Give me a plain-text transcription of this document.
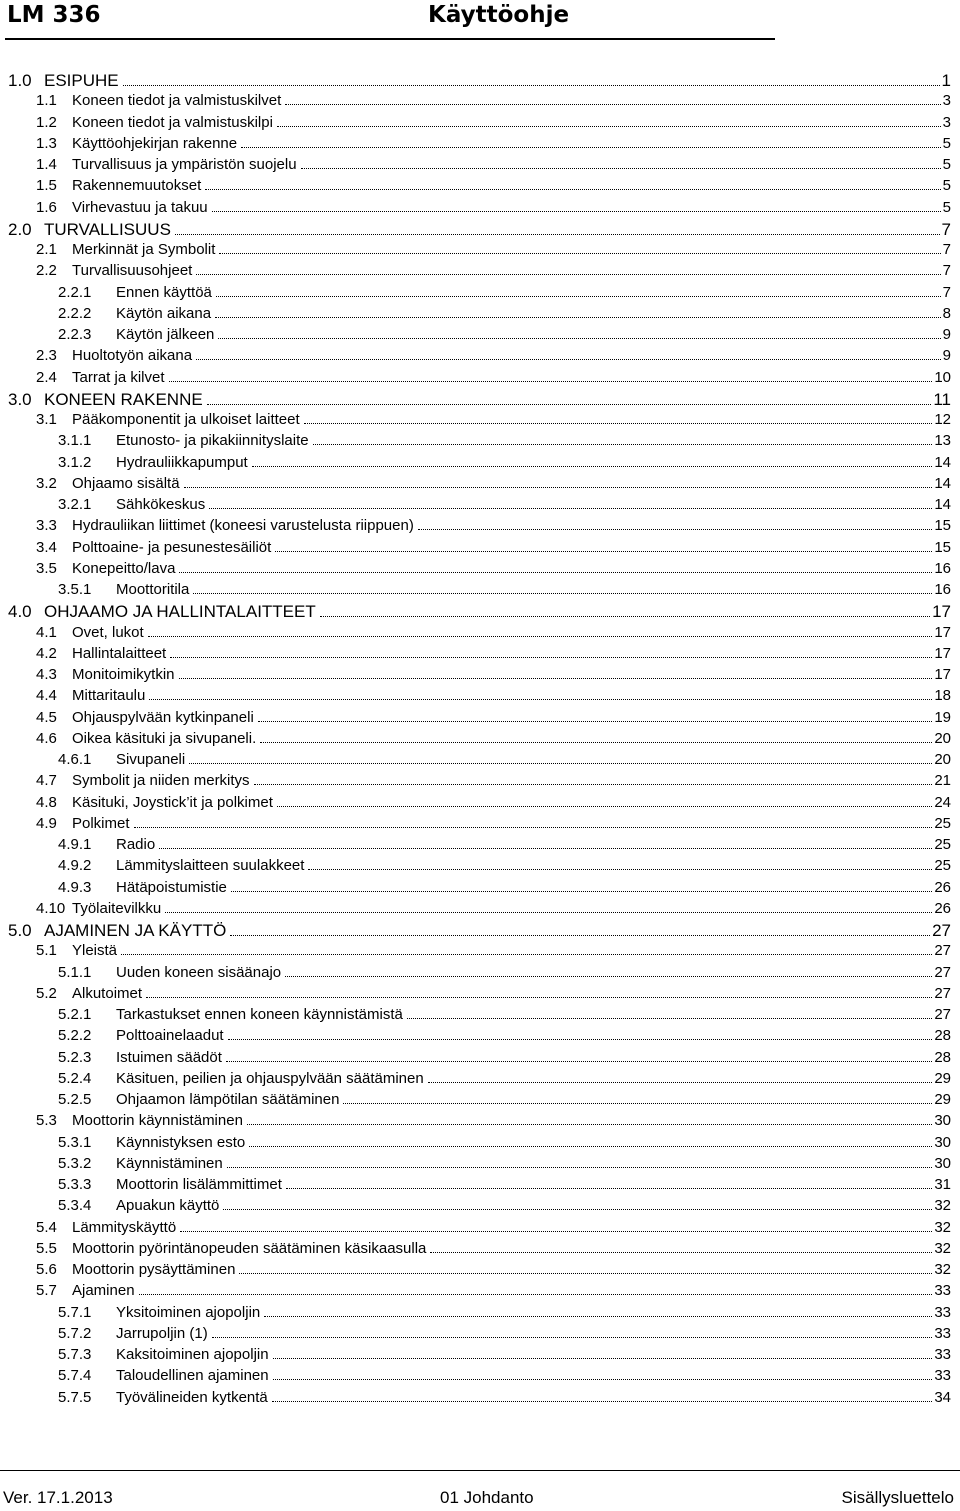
LM 336	Käyttöohje
1.0 ESIPUHE	1
1.1	Koneen tiedot ja valmistuskilvet	3
1.2	Koneen tiedot ja valmistuskilpi	3
1.3	Käyttöohjekirjan rakenne	5
1.4	Turvallisuus ja ympäristön suojelu	5
1.5	Rakennemuutokset	5
1.6	Virhevastuu ja takuu	5
2.0 TURVALLISUUS	7
2.1	Merkinnät ja Symbolit	7
2.2	Turvallisuusohjeet	7
2.2.1	Ennen käyttöä	7
2.2.2	Käytön aikana	8
2.2.3	Käytön jälkeen	9
2.3	Huoltotyön aikana	9
2.4	Tarrat ja kilvet	10
3.0 KONEEN RAKENNE	11
3.1	Pääkomponentit ja ulkoiset laitteet	12
3.1.1	Etunosto- ja pikakiinnityslaite	13
3.1.2	Hydrauliikkapumput	14
3.2	Ohjaamo sisältä	14
3.2.1	Sähkökeskus	14
3.3	Hydrauliikan liittimet (koneesi varustelusta riippuen)	15
3.4	Polttoaine- ja pesunestesäiliöt	15
3.5	Konepeitto/lava	16
3.5.1	Moottoritila	16
4.0 OHJAAMO JA HALLINTALAITTEET	17
4.1	Ovet, lukot	17
4.2	Hallintalaitteet	17
4.3	Monitoimikytkin	17
4.4	Mittaritaulu	18
4.5	Ohjauspylvään kytkinpaneli	19
4.6	Oikea käsituki ja sivupaneli.	20
4.6.1	Sivupaneli	20
4.7	Symbolit ja niiden merkitys	21
4.8	Käsituki, Joystick’it ja polkimet	24
4.9	Polkimet	25
4.9.1	Radio	25
4.9.2	Lämmityslaitteen suulakkeet	25
4.9.3	Hätäpoistumistie	26
4.10 Työlaitevilkku	26
5.0 AJAMINEN JA KÄYTTÖ	27
5.1	Yleistä	27
5.1.1	Uuden koneen sisäänajo	27
5.2	Alkutoimet	27
5.2.1	Tarkastukset ennen koneen käynnistämistä	27
5.2.2	Polttoainelaadut	28
5.2.3	Istuimen säädöt	28
5.2.4	Käsituen, peilien ja ohjauspylvään säätäminen	29
5.2.5	Ohjaamon lämpötilan säätäminen	29
5.3	Moottorin käynnistäminen	30
5.3.1	Käynnistyksen esto	30
5.3.2	Käynnistäminen	30
5.3.3	Moottorin lisälämmittimet	31
5.3.4	Apuakun käyttö	32
5.4	Lämmityskäyttö	32
5.5	Moottorin pyörintänopeuden säätäminen käsikaasulla	32
5.6	Moottorin pysäyttäminen	32
5.7	Ajaminen	33
5.7.1	Yksitoiminen ajopoljin	33
5.7.2	Jarrupoljin (1)	33
5.7.3	Kaksitoiminen ajopoljin	33
5.7.4	Taloudellinen ajaminen	33
5.7.5	Työvälineiden kytkentä	34
Ver. 17.1.2013	01 Johdanto	Sisällysluettelo
